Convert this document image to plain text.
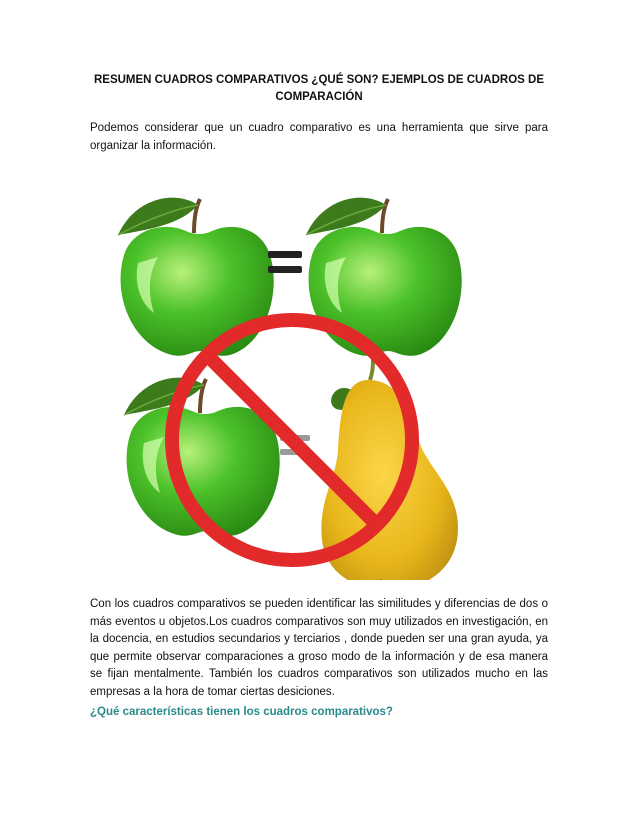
RESUMEN CUADROS COMPARATIVOS ¿QUÉ SON? EJEMPLOS DE CUADROS DE COMPARACIÓN
Podemos considerar que un cuadro comparativo es una herramienta que sirve para organizar la información.
Con los cuadros comparativos se pueden identificar las similitudes y diferencias de dos o más eventos u objetos.Los cuadros comparativos son muy utilizados en investigación, en la docencia, en estudios secundarios y terciarios , donde pueden ser una gran ayuda, ya que permite observar comparaciones a groso modo de la información y de esa manera se fijan mentalmente. También los cuadros comparativos son utilizados mucho en las empresas a la hora de tomar ciertas desiciones.
¿Qué características tienen los cuadros comparativos?
